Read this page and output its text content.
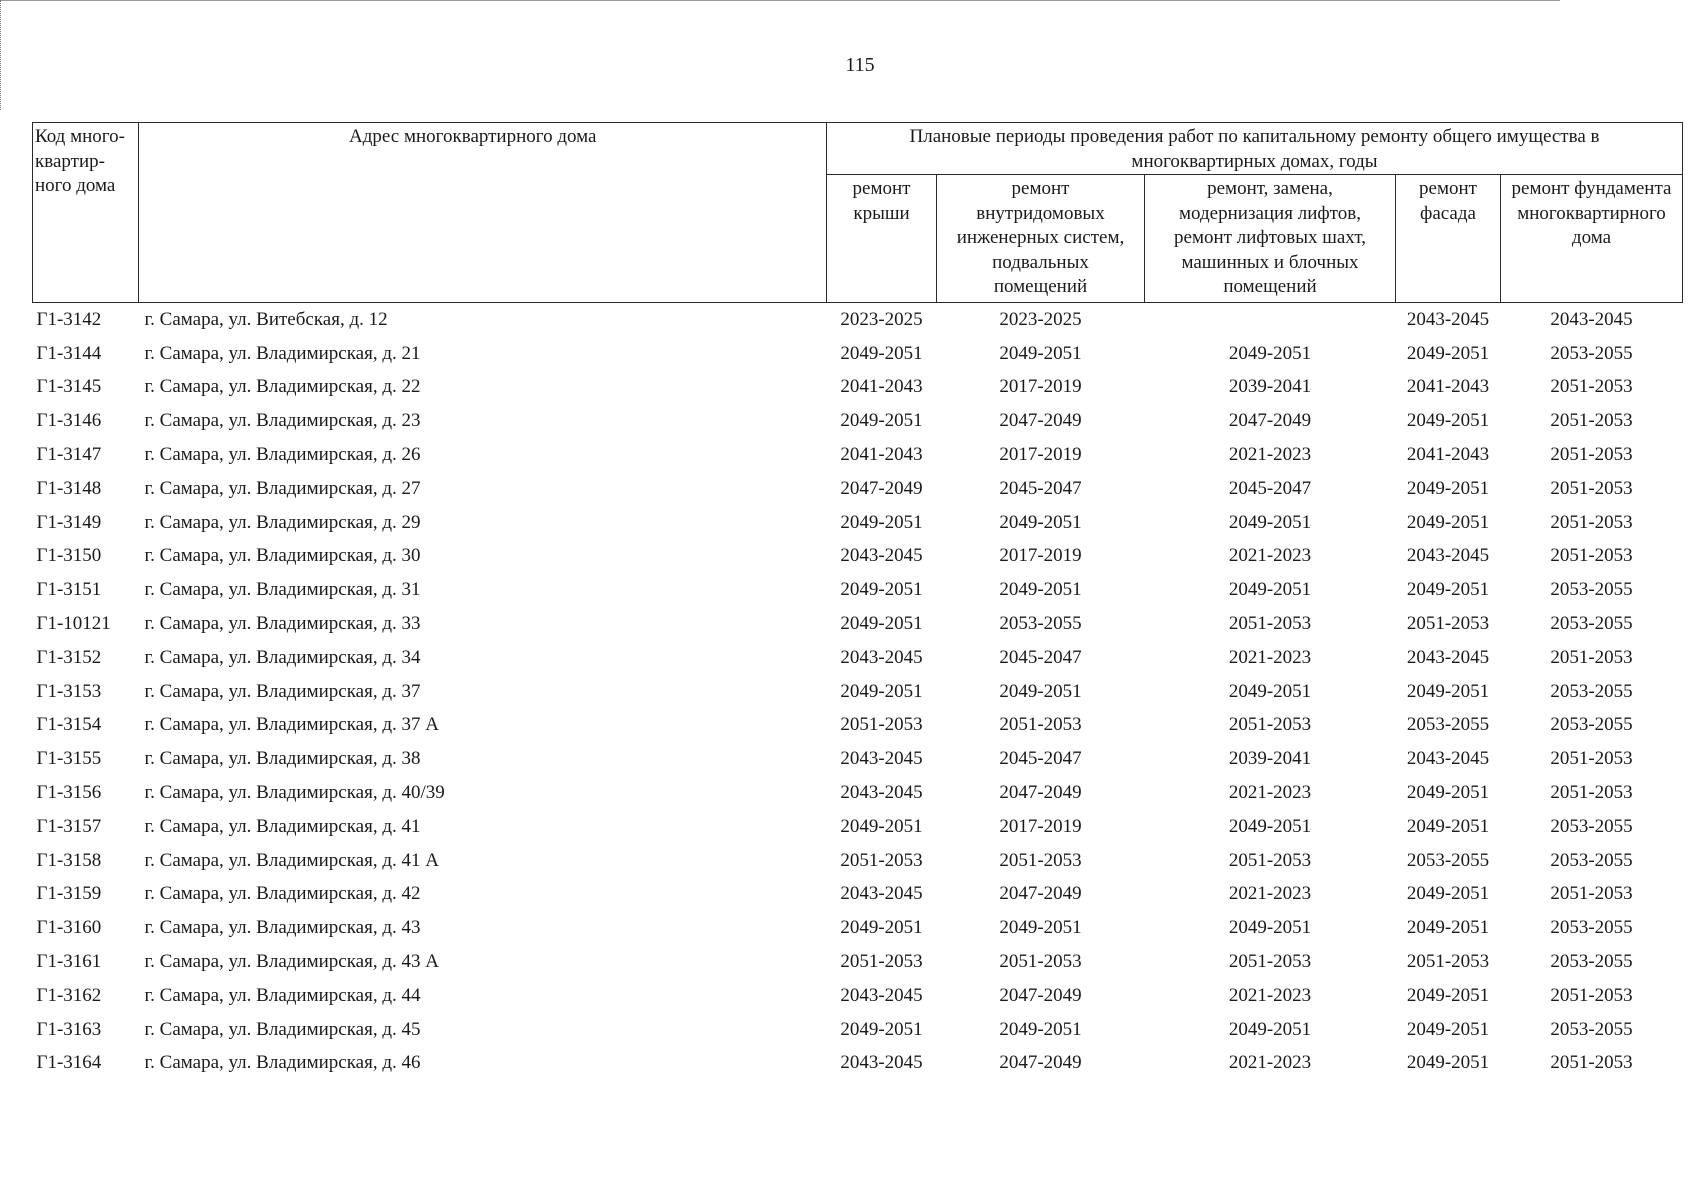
115
Код много-квартир-ного дома	Адрес многоквартирного дома	Плановые периоды проведения работ по капитальному ремонту общего имущества в многоквартирных домах, годы				
		ремонт крыши	ремонт внутридомовых инженерных систем, подвальных помещений	ремонт, замена, модернизация лифтов, ремонт лифтовых шахт, машинных и блочных помещений	ремонт фасада	ремонт фундамента многоквартирного дома
Г1-3142	г. Самара, ул. Витебская, д. 12	2023-2025	2023-2025		2043-2045	2043-2045
Г1-3144	г. Самара, ул. Владимирская, д. 21	2049-2051	2049-2051	2049-2051	2049-2051	2053-2055
Г1-3145	г. Самара, ул. Владимирская, д. 22	2041-2043	2017-2019	2039-2041	2041-2043	2051-2053
Г1-3146	г. Самара, ул. Владимирская, д. 23	2049-2051	2047-2049	2047-2049	2049-2051	2051-2053
Г1-3147	г. Самара, ул. Владимирская, д. 26	2041-2043	2017-2019	2021-2023	2041-2043	2051-2053
Г1-3148	г. Самара, ул. Владимирская, д. 27	2047-2049	2045-2047	2045-2047	2049-2051	2051-2053
Г1-3149	г. Самара, ул. Владимирская, д. 29	2049-2051	2049-2051	2049-2051	2049-2051	2051-2053
Г1-3150	г. Самара, ул. Владимирская, д. 30	2043-2045	2017-2019	2021-2023	2043-2045	2051-2053
Г1-3151	г. Самара, ул. Владимирская, д. 31	2049-2051	2049-2051	2049-2051	2049-2051	2053-2055
Г1-10121	г. Самара, ул. Владимирская, д. 33	2049-2051	2053-2055	2051-2053	2051-2053	2053-2055
Г1-3152	г. Самара, ул. Владимирская, д. 34	2043-2045	2045-2047	2021-2023	2043-2045	2051-2053
Г1-3153	г. Самара, ул. Владимирская, д. 37	2049-2051	2049-2051	2049-2051	2049-2051	2053-2055
Г1-3154	г. Самара, ул. Владимирская, д. 37 А	2051-2053	2051-2053	2051-2053	2053-2055	2053-2055
Г1-3155	г. Самара, ул. Владимирская, д. 38	2043-2045	2045-2047	2039-2041	2043-2045	2051-2053
Г1-3156	г. Самара, ул. Владимирская, д. 40/39	2043-2045	2047-2049	2021-2023	2049-2051	2051-2053
Г1-3157	г. Самара, ул. Владимирская, д. 41	2049-2051	2017-2019	2049-2051	2049-2051	2053-2055
Г1-3158	г. Самара, ул. Владимирская, д. 41 А	2051-2053	2051-2053	2051-2053	2053-2055	2053-2055
Г1-3159	г. Самара, ул. Владимирская, д. 42	2043-2045	2047-2049	2021-2023	2049-2051	2051-2053
Г1-3160	г. Самара, ул. Владимирская, д. 43	2049-2051	2049-2051	2049-2051	2049-2051	2053-2055
Г1-3161	г. Самара, ул. Владимирская, д. 43 А	2051-2053	2051-2053	2051-2053	2051-2053	2053-2055
Г1-3162	г. Самара, ул. Владимирская, д. 44	2043-2045	2047-2049	2021-2023	2049-2051	2051-2053
Г1-3163	г. Самара, ул. Владимирская, д. 45	2049-2051	2049-2051	2049-2051	2049-2051	2053-2055
Г1-3164	г. Самара, ул. Владимирская, д. 46	2043-2045	2047-2049	2021-2023	2049-2051	2051-2053
